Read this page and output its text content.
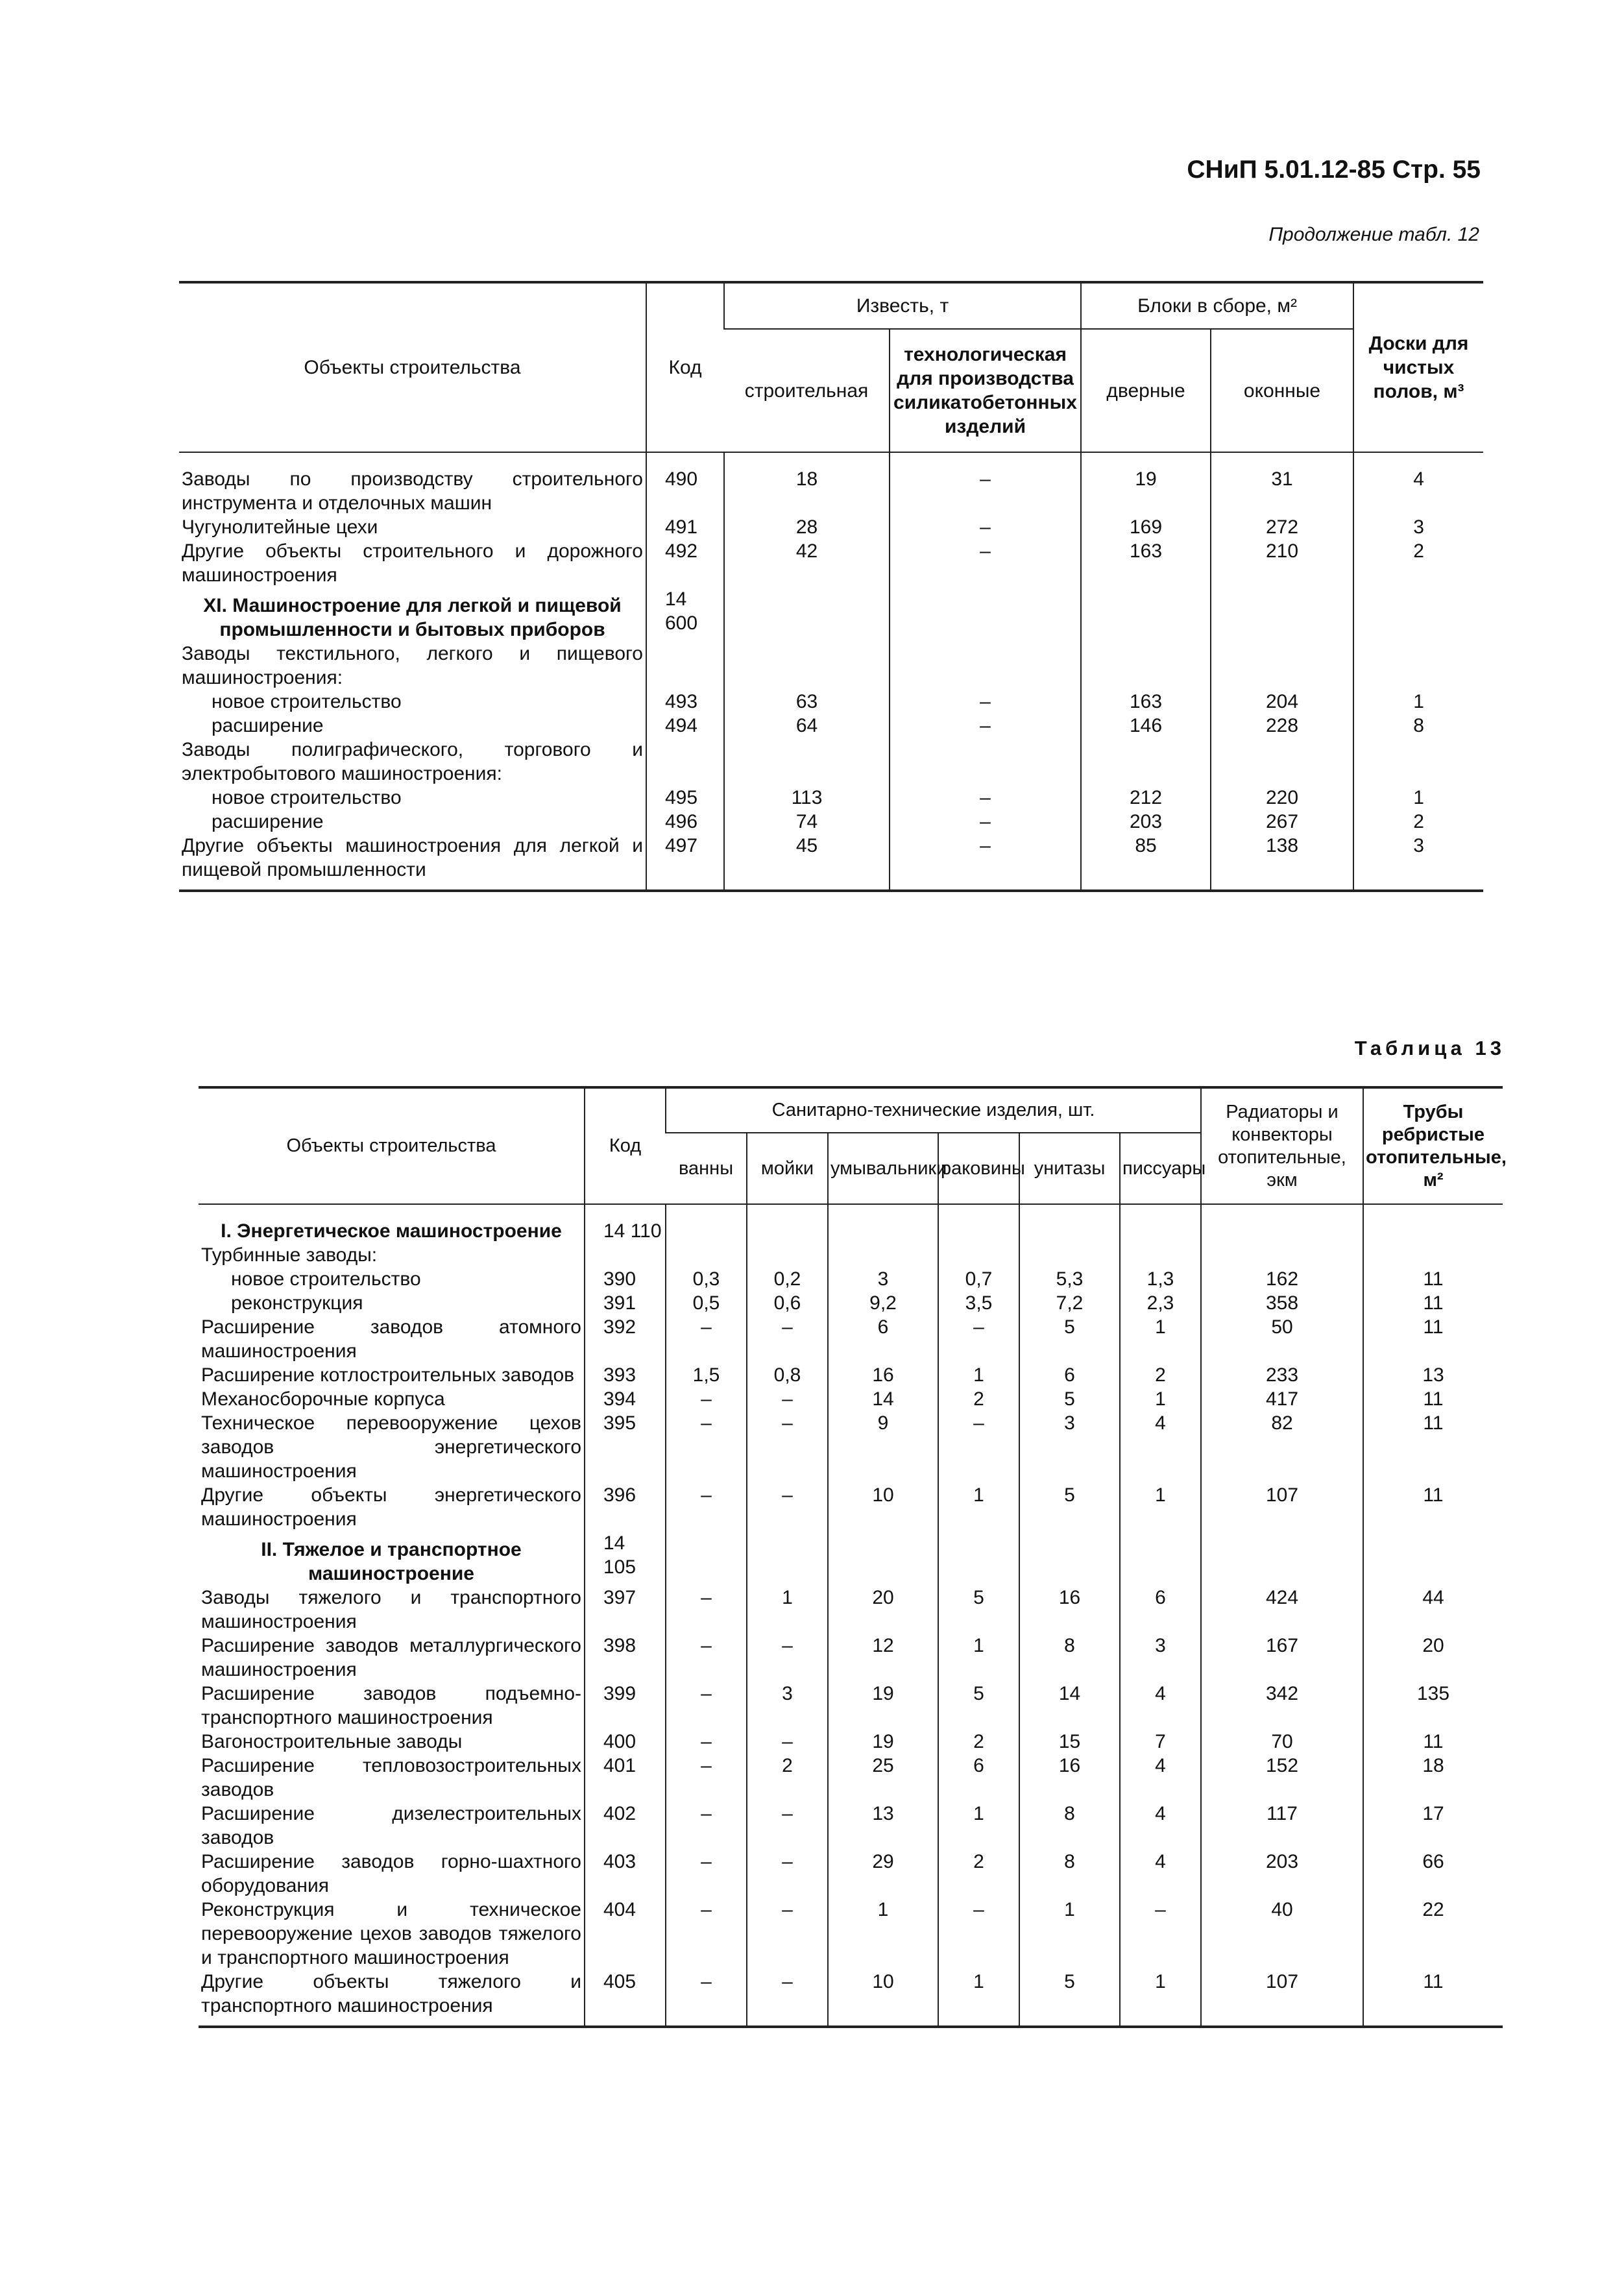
СНиП 5.01.12-85 Стр. 55
Продолжение табл. 12
Объекты строительства	Код	Известь, т		Блоки в сборе, м²		Доски для чистых полов, м³
		строительная	технологическая для производства силикатобетонных изделий	дверные	оконные	
Заводы по производству строительного инструмента и отделочных машин	490	18	–	19	31	4
Чугунолитейные цехи	491	28	–	169	272	3
Другие объекты строительного и дорожного машиностроения	492	42	–	163	210	2
XI. Машиностроение для легкой и пищевой промышленности и бытовых приборов	14 600					
Заводы текстильного, легкого и пищевого машиностроения:						
новое строительство	493	63	–	163	204	1
расширение	494	64	–	146	228	8
Заводы полиграфического, торгового и электробытового машиностроения:						
новое строительство	495	113	–	212	220	1
расширение	496	74	–	203	267	2
Другие объекты машиностроения для легкой и пищевой промышленности	497	45	–	85	138	3
Таблица 13
Объекты строительства	Код	Санитарно-технические изделия, шт.						Радиаторы и конвекторы отопительные, экм	Трубы ребристые отопительные, м²
		ванны	мойки	умывальники	раковины	унитазы	писсуары		
I. Энергетическое машиностроение	14 110								
Турбинные заводы:									
новое строительство	390	0,3	0,2	3	0,7	5,3	1,3	162	11
реконструкция	391	0,5	0,6	9,2	3,5	7,2	2,3	358	11
Расширение заводов атомного машиностроения	392	–	–	6	–	5	1	50	11
Расширение котлостроительных заводов	393	1,5	0,8	16	1	6	2	233	13
Механосборочные корпуса	394	–	–	14	2	5	1	417	11
Техническое перевооружение цехов заводов энергетического машиностроения	395	–	–	9	–	3	4	82	11
Другие объекты энергетического машиностроения	396	–	–	10	1	5	1	107	11
II. Тяжелое и транспортное машиностроение	14 105								
Заводы тяжелого и транспортного машиностроения	397	–	1	20	5	16	6	424	44
Расширение заводов металлургического машиностроения	398	–	–	12	1	8	3	167	20
Расширение заводов подъемно-транспортного машиностроения	399	–	3	19	5	14	4	342	135
Вагоностроительные заводы	400	–	–	19	2	15	7	70	11
Расширение тепловозостроительных заводов	401	–	2	25	6	16	4	152	18
Расширение дизелестроительных заводов	402	–	–	13	1	8	4	117	17
Расширение заводов горно-шахтного оборудования	403	–	–	29	2	8	4	203	66
Реконструкция и техническое перевооружение цехов заводов тяжелого и транспортного машиностроения	404	–	–	1	–	1	–	40	22
Другие объекты тяжелого и транспортного машиностроения	405	–	–	10	1	5	1	107	11
